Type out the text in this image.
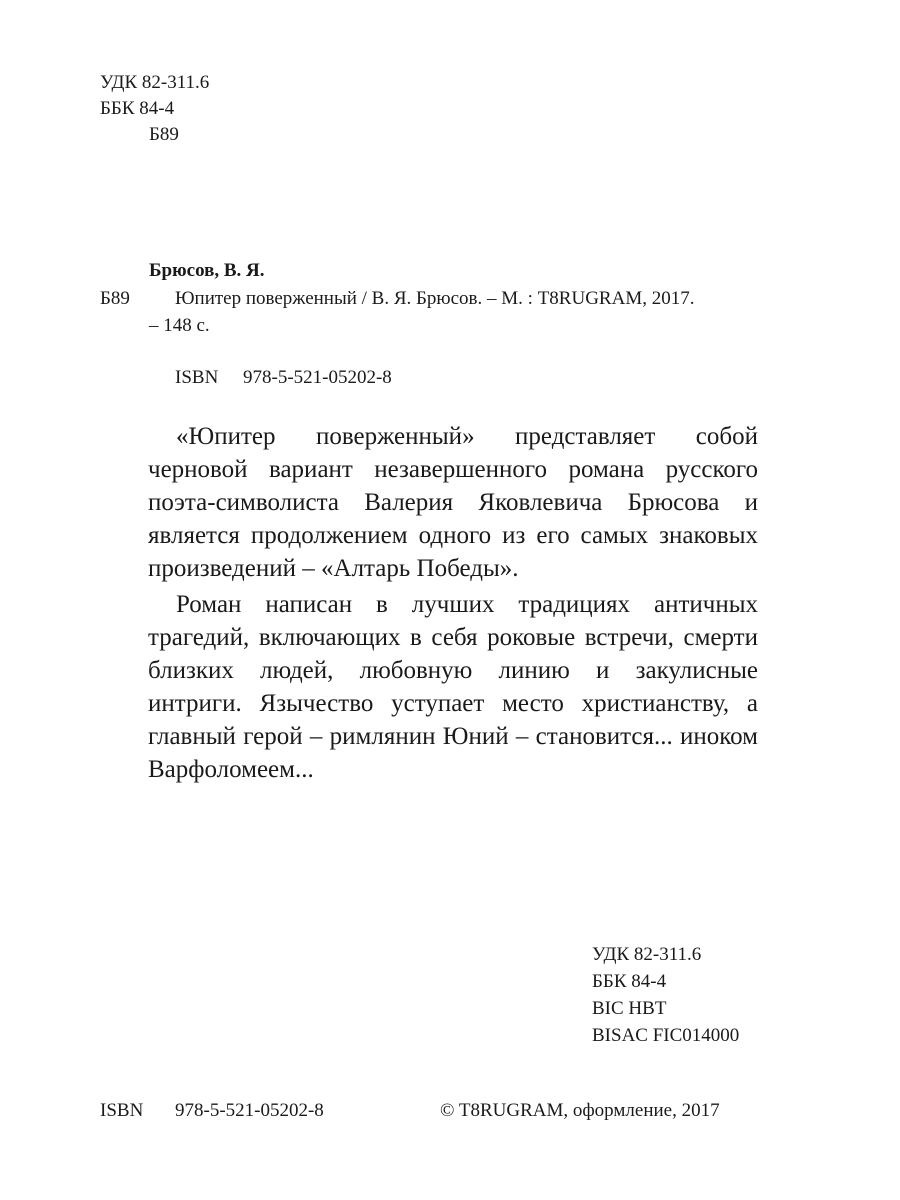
УДК 82-311.6
ББК 84-4
Б89
Брюсов, В. Я.
Б89 Юпитер поверженный / В. Я. Брюсов. – М. : T8RUGRAM, 2017.
– 148 с.
ISBN 978-5-521-05202-8

«Юпитер поверженный» представляет собой черновой вариант незавершенного романа русского поэта-символиста Валерия Яковлевича Брюсова и является продолжением одного из его самых знаковых произведений – «Алтарь Победы».

Роман написан в лучших традициях античных трагедий, включающих в себя роковые встречи, смерти близких людей, любовную линию и закулисные интриги. Язычество уступает место христианству, а главный герой – римлянин Юний – становится... иноком Варфоломеем...

УДК 82-311.6
ББК 84-4
BIC HBT
BISAC FIC014000
ISBN 978-5-521-05202-8	© T8RUGRAM, оформление, 2017
